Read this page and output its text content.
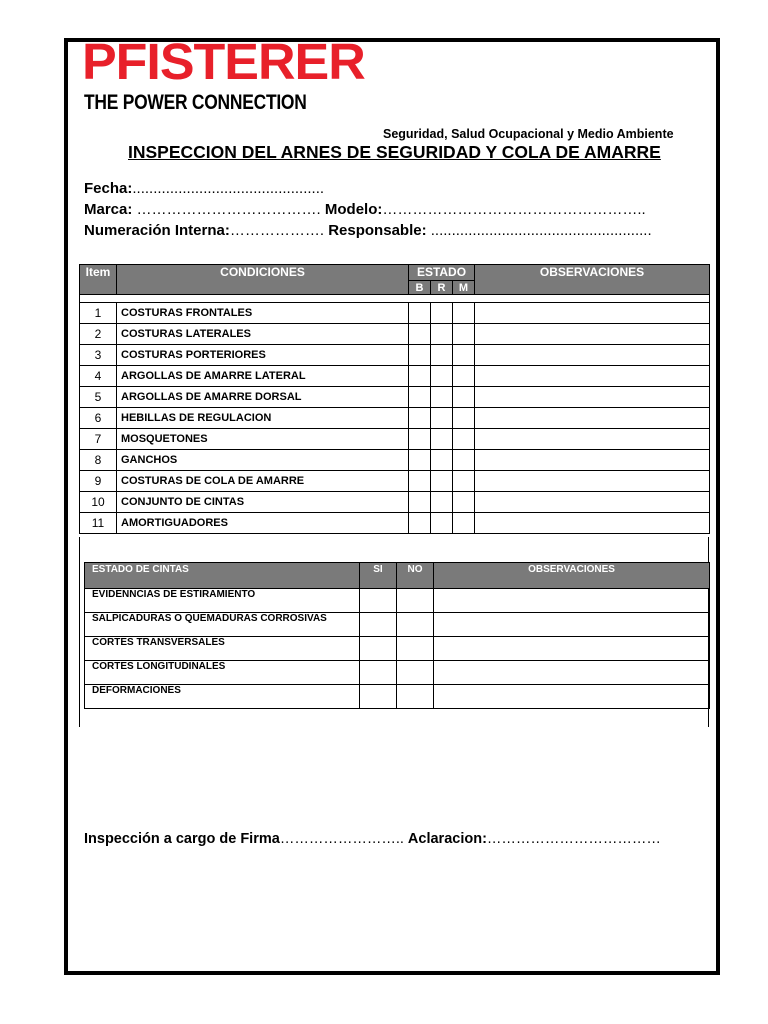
PFISTERER
THE POWER CONNECTION
Seguridad, Salud Ocupacional y Medio Ambiente
INSPECCION DEL ARNES DE SEGURIDAD Y COLA DE AMARRE
Fecha:..............................................
Marca: ………………………………. Modelo:……………………………………………..
Numeración Interna:………………. Responsable: .....................................................
Item	CONDICIONES	ESTADO			OBSERVACIONES
		B	R	M	

1	COSTURAS FRONTALES				
2	COSTURAS LATERALES				
3	COSTURAS PORTERIORES				
4	ARGOLLAS DE AMARRE LATERAL				
5	ARGOLLAS DE AMARRE DORSAL				
6	HEBILLAS DE REGULACION				
7	MOSQUETONES				
8	GANCHOS				
9	COSTURAS DE COLA DE AMARRE				
10	CONJUNTO DE CINTAS				
11	AMORTIGUADORES				
ESTADO DE CINTAS	SI	NO	OBSERVACIONES
EVIDENNCIAS DE ESTIRAMIENTO			
SALPICADURAS O QUEMADURAS CORROSIVAS			
CORTES TRANSVERSALES			
CORTES LONGITUDINALES			
DEFORMACIONES			
Inspección a cargo de Firma…………………….. Aclaracion:………………………………
